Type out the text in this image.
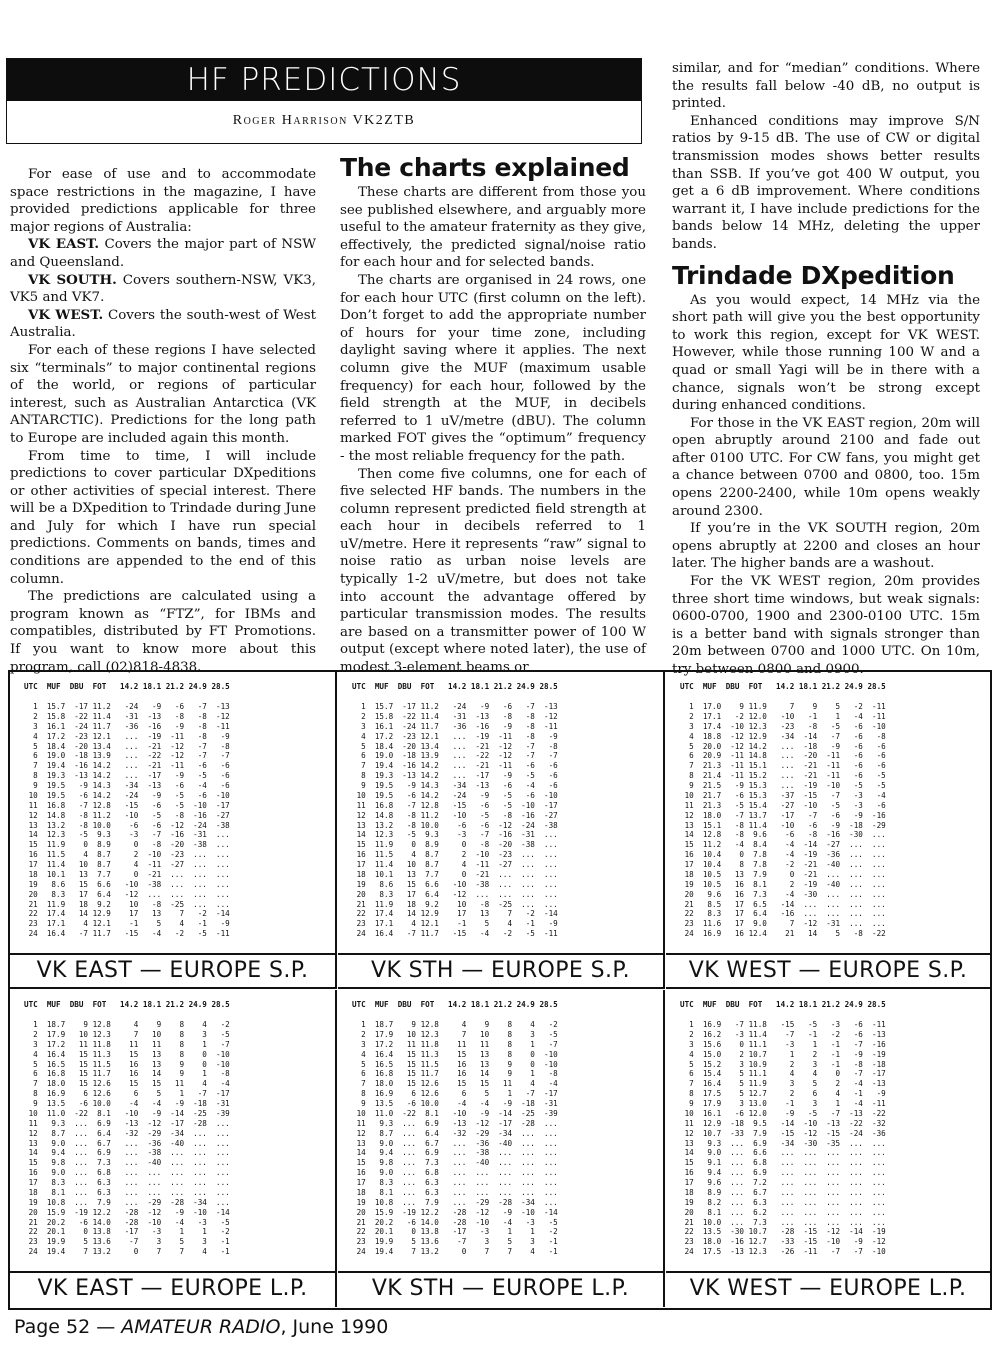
HF PREDICTIONS
Roger Harrison VK2ZTB

For ease of use and to accommodate space restrictions in the magazine, I have provided predictions applicable for three major regions of Australia:

VK EAST. Covers the major part of NSW and Queensland.

VK SOUTH. Covers southern-NSW, VK3, VK5 and VK7.

VK WEST. Covers the south-west of West Australia.

For each of these regions I have selected six “terminals” to major continental regions of the world, or regions of particular interest, such as Australian Antarctica (VK ANTARCTIC). Predictions for the long path to Europe are included again this month.

From time to time, I will include predictions to cover particular DXpeditions or other activities of special interest. There will be a DXpedition to Trindade during June and July for which I have run special predictions. Comments on bands, times and conditions are appended to the end of this column.

The predictions are calculated using a program known as “FTZ”, for IBMs and compatibles, distributed by FT Promotions. If you want to know more about this program, call (02)818-4838.

The charts explained

These charts are different from those you see published elsewhere, and arguably more useful to the amateur fraternity as they give, effectively, the predicted signal/noise ratio for each hour and for selected bands.

The charts are organised in 24 rows, one for each hour UTC (first column on the left). Don’t forget to add the appropriate number of hours for your time zone, including daylight saving where it applies. The next column give the MUF (maximum usable frequency) for each hour, followed by the field strength at the MUF, in decibels referred to 1 uV/metre (dBU). The column marked FOT gives the “optimum” frequency - the most reliable frequency for the path.

Then come five columns, one for each of five selected HF bands. The numbers in the column represent predicted field strength at each hour in decibels referred to 1 uV/metre. Here it represents “raw” signal to noise ratio as urban noise levels are typically 1-2 uV/metre, but does not take into account the advantage offered by particular transmission modes. The results are based on a transmitter power of 100 W output (except where noted later), the use of modest 3-element beams or

similar, and for “median” conditions. Where the results fall below -40 dB, no output is printed.

Enhanced conditions may improve S/N ratios by 9-15 dB. The use of CW or digital transmission modes shows better results than SSB. If you’ve got 400 W output, you get a 6 dB improvement. Where conditions warrant it, I have include predictions for the bands below 14 MHz, deleting the upper bands.

Trindade DXpedition

As you would expect, 14 MHz via the short path will give you the best opportunity to work this region, except for VK WEST. However, while those running 100 W and a quad or small Yagi will be in there with a chance, signals won’t be strong except during enhanced conditions.

For those in the VK EAST region, 20m will open abruptly around 2100 and fade out after 0100 UTC. For CW fans, you might get a chance between 0700 and 0800, too. 15m opens 2200-2400, while 10m opens weakly around 2300.

If you’re in the VK SOUTH region, 20m opens abruptly at 2200 and closes an hour later. The higher bands are a washout.

For the VK WEST region, 20m provides three short time windows, but weak signals: 0600-0700, 1900 and 2300-0100 UTC. 15m is a better band with signals stronger than 20m between 0700 and 1000 UTC. On 10m, try between 0800 and 0900.

UTC  MUF  DBU  FOT   14.2 18.1 21.2 24.9 28.5
1  15.7  -17 11.2   -24   -9   -6   -7  -13
2  15.8  -22 11.4   -31  -13   -8   -8  -12
3  16.1  -24 11.7   -36  -16   -9   -8  -11
4  17.2  -23 12.1   ...  -19  -11   -8   -9
5  18.4  -20 13.4   ...  -21  -12   -7   -8
6  19.0  -18 13.9   ...  -22  -12   -7   -7
7  19.4  -16 14.2   ...  -21  -11   -6   -6
8  19.3  -13 14.2   ...  -17   -9   -5   -6
9  19.5   -9 14.3   -34  -13   -6   -4   -6
10  19.5   -6 14.2   -24   -9   -5   -6  -10
11  16.8   -7 12.8   -15   -6   -5  -10  -17
12  14.8   -8 11.2   -10   -5   -8  -16  -27
13  13.2   -8 10.0    -6   -6  -12  -24  -38
14  12.3   -5  9.3    -3   -7  -16  -31  ...
15  11.9    0  8.9     0   -8  -20  -38  ...
16  11.5    4  8.7     2  -10  -23  ...  ...
17  11.4   10  8.7     4  -11  -27  ...  ...
18  10.1   13  7.7     0  -21  ...  ...  ...
19   8.6   15  6.6   -10  -38  ...  ...  ...
20   8.3   17  6.4   -12  ...  ...  ...  ...
21  11.9   18  9.2    10   -8  -25  ...  ...
22  17.4   14 12.9    17   13    7   -2  -14
23  17.1    4 12.1    -1    5    4   -1   -9
24  16.4   -7 11.7   -15   -4   -2   -5  -11
VK EAST — EUROPE S.P.
UTC  MUF  DBU  FOT   14.2 18.1 21.2 24.9 28.5
1  15.7  -17 11.2   -24   -9   -6   -7  -13
2  15.8  -22 11.4   -31  -13   -8   -8  -12
3  16.1  -24 11.7   -36  -16   -9   -8  -11
4  17.2  -23 12.1   ...  -19  -11   -8   -9
5  18.4  -20 13.4   ...  -21  -12   -7   -8
6  19.0  -18 13.9   ...  -22  -12   -7   -7
7  19.4  -16 14.2   ...  -21  -11   -6   -6
8  19.3  -13 14.2   ...  -17   -9   -5   -6
9  19.5   -9 14.3   -34  -13   -6   -4   -6
10  19.5   -6 14.2   -24   -9   -5   -6  -10
11  16.8   -7 12.8   -15   -6   -5  -10  -17
12  14.8   -8 11.2   -10   -5   -8  -16  -27
13  13.2   -8 10.0    -6   -6  -12  -24  -38
14  12.3   -5  9.3    -3   -7  -16  -31  ...
15  11.9    0  8.9     0   -8  -20  -38  ...
16  11.5    4  8.7     2  -10  -23  ...  ...
17  11.4   10  8.7     4  -11  -27  ...  ...
18  10.1   13  7.7     0  -21  ...  ...  ...
19   8.6   15  6.6   -10  -38  ...  ...  ...
20   8.3   17  6.4   -12  ...  ...  ...  ...
21  11.9   18  9.2    10   -8  -25  ...  ...
22  17.4   14 12.9    17   13    7   -2  -14
23  17.1    4 12.1    -1    5    4   -1   -9
24  16.4   -7 11.7   -15   -4   -2   -5  -11
VK STH — EUROPE S.P.
UTC  MUF  DBU  FOT   14.2 18.1 21.2 24.9 28.5
1  17.0    9 11.9     7    9    5   -2  -11
2  17.1   -2 12.0   -10   -1    1   -4  -11
3  17.4  -10 12.3   -23   -8   -5   -6  -10
4  18.8  -12 12.9   -34  -14   -7   -6   -8
5  20.0  -12 14.2   ...  -18   -9   -6   -6
6  20.9  -11 14.8   ...  -20  -11   -6   -6
7  21.3  -11 15.1   ...  -21  -11   -6   -6
8  21.4  -11 15.2   ...  -21  -11   -6   -5
9  21.5   -9 15.3   ...  -19  -10   -5   -5
10  21.7   -6 15.3   -37  -15   -7   -3   -4
11  21.3   -5 15.4   -27  -10   -5   -3   -6
12  18.0   -7 13.7   -17   -7   -6   -9  -16
13  15.1   -8 11.4   -10   -6   -9  -18  -29
14  12.8   -8  9.6    -6   -8  -16  -30  ...
15  11.2   -4  8.4    -4  -14  -27  ...  ...
16  10.4    0  7.8    -4  -19  -36  ...  ...
17  10.4    8  7.8    -2  -21  -40  ...  ...
18  10.5   13  7.9     0  -21  ...  ...  ...
19  10.5   16  8.1     2  -19  -40  ...  ...
20   9.6   16  7.3    -4  -30  ...  ...  ...
21   8.5   17  6.5   -14  ...  ...  ...  ...
22   8.3   17  6.4   -16  ...  ...  ...  ...
23  11.6   17  9.0     7  -12  -31  ...  ...
24  16.9   16 12.4    21   14    5   -8  -22
VK WEST — EUROPE S.P.
UTC  MUF  DBU  FOT   14.2 18.1 21.2 24.9 28.5
1  18.7    9 12.8     4    9    8    4   -2
2  17.9   10 12.3     7   10    8    3   -5
3  17.2   11 11.8    11   11    8    1   -7
4  16.4   15 11.3    15   13    8    0  -10
5  16.5   15 11.5    16   13    9    0  -10
6  16.8   15 11.7    16   14    9    1   -8
7  18.0   15 12.6    15   15   11    4   -4
8  16.9    6 12.6     6    5    1   -7  -17
9  13.5   -6 10.0    -4   -4   -9  -18  -31
10  11.0  -22  8.1   -10   -9  -14  -25  -39
11   9.3  ...  6.9   -13  -12  -17  -28  ...
12   8.7  ...  6.4   -32  -29  -34  ...  ...
13   9.0  ...  6.7   ...  -36  -40  ...  ...
14   9.4  ...  6.9   ...  -38  ...  ...  ...
15   9.8  ...  7.3   ...  -40  ...  ...  ...
16   9.0  ...  6.8   ...  ...  ...  ...  ...
17   8.3  ...  6.3   ...  ...  ...  ...  ...
18   8.1  ...  6.3   ...  ...  ...  ...  ...
19  10.8  ...  7.9   ...  -29  -28  -34  ...
20  15.9  -19 12.2   -28  -12   -9  -10  -14
21  20.2   -6 14.0   -28  -10   -4   -3   -5
22  20.1    0 13.8   -17   -3    1    1   -2
23  19.9    5 13.6    -7    3    5    3   -1
24  19.4    7 13.2     0    7    7    4   -1
VK EAST — EUROPE L.P.
UTC  MUF  DBU  FOT   14.2 18.1 21.2 24.9 28.5
1  18.7    9 12.8     4    9    8    4   -2
2  17.9   10 12.3     7   10    8    3   -5
3  17.2   11 11.8    11   11    8    1   -7
4  16.4   15 11.3    15   13    8    0  -10
5  16.5   15 11.5    16   13    9    0  -10
6  16.8   15 11.7    16   14    9    1   -8
7  18.0   15 12.6    15   15   11    4   -4
8  16.9    6 12.6     6    5    1   -7  -17
9  13.5   -6 10.0    -4   -4   -9  -18  -31
10  11.0  -22  8.1   -10   -9  -14  -25  -39
11   9.3  ...  6.9   -13  -12  -17  -28  ...
12   8.7  ...  6.4   -32  -29  -34  ...  ...
13   9.0  ...  6.7   ...  -36  -40  ...  ...
14   9.4  ...  6.9   ...  -38  ...  ...  ...
15   9.8  ...  7.3   ...  -40  ...  ...  ...
16   9.0  ...  6.8   ...  ...  ...  ...  ...
17   8.3  ...  6.3   ...  ...  ...  ...  ...
18   8.1  ...  6.3   ...  ...  ...  ...  ...
19  10.8  ...  7.9   ...  -29  -28  -34  ...
20  15.9  -19 12.2   -28  -12   -9  -10  -14
21  20.2   -6 14.0   -28  -10   -4   -3   -5
22  20.1    0 13.8   -17   -3    1    1   -2
23  19.9    5 13.6    -7    3    5    3   -1
24  19.4    7 13.2     0    7    7    4   -1
VK STH — EUROPE L.P.
UTC  MUF  DBU  FOT   14.2 18.1 21.2 24.9 28.5
1  16.9   -7 11.8   -15   -5   -3   -6  -11
2  16.2   -3 11.4    -7   -1   -2   -6  -13
3  15.6    0 11.1    -3    1   -1   -7  -16
4  15.0    2 10.7     1    2   -1   -9  -19
5  15.2    3 10.9     2    3   -1   -8  -18
6  15.4    5 11.1     4    4    0   -7  -17
7  16.4    5 11.9     3    5    2   -4  -13
8  17.5    5 12.7     2    6    4   -1   -9
9  17.9    3 13.0    -1    3    1   -4  -11
10  16.1   -6 12.0    -9   -5   -7  -13  -22
11  12.9  -18  9.5   -14  -10  -13  -22  -32
12  10.7  -33  7.9   -15  -12  -15  -24  -36
13   9.3  ...  6.9   -34  -30  -35  ...  ...
14   9.0  ...  6.6   ...  ...  ...  ...  ...
15   9.1  ...  6.8   ...  ...  ...  ...  ...
16   9.4  ...  6.9   ...  ...  ...  ...  ...
17   9.6  ...  7.2   ...  ...  ...  ...  ...
18   8.9  ...  6.7   ...  ...  ...  ...  ...
19   8.2  ...  6.3   ...  ...  ...  ...  ...
20   8.1  ...  6.2   ...  ...  ...  ...  ...
21  10.0  ...  7.3   ...  ...  ...  ...  ...
22  13.5  -30 10.7   -28  -15  -12  -14  -19
23  18.0  -16 12.7   -33  -15  -10   -9  -12
24  17.5  -13 12.3   -26  -11   -7   -7  -10
VK WEST — EUROPE L.P.
Page 52 — AMATEUR RADIO, June 1990
